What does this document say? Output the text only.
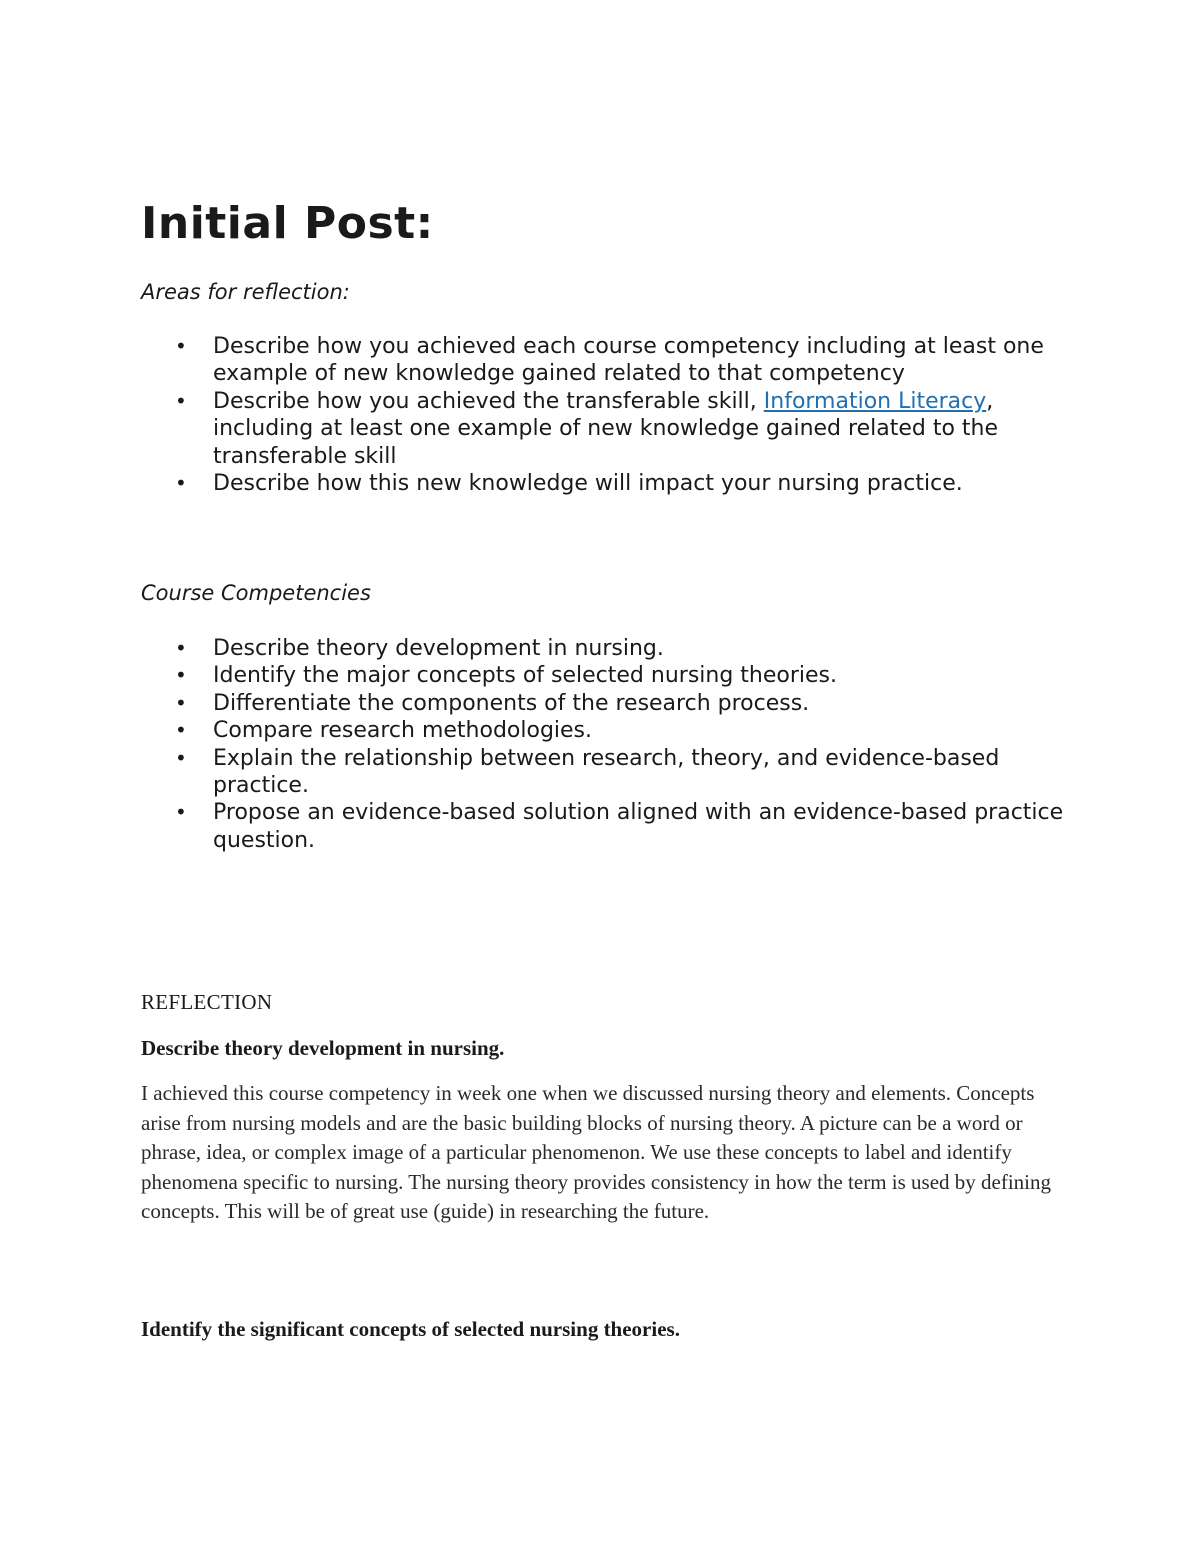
Initial Post:

Areas for reflection:

• Describe how you achieved each course competency including at least one example of new knowledge gained related to that competency
• Describe how you achieved the transferable skill, Information Literacy, including at least one example of new knowledge gained related to the transferable skill
• Describe how this new knowledge will impact your nursing practice.

Course Competencies

• Describe theory development in nursing.
• Identify the major concepts of selected nursing theories.
• Differentiate the components of the research process.
• Compare research methodologies.
• Explain the relationship between research, theory, and evidence-based practice.
• Propose an evidence-based solution aligned with an evidence-based practice question.

REFLECTION

Describe theory development in nursing.

I achieved this course competency in week one when we discussed nursing theory and elements. Concepts arise from nursing models and are the basic building blocks of nursing theory. A picture can be a word or phrase, idea, or complex image of a particular phenomenon. We use these concepts to label and identify phenomena specific to nursing. The nursing theory provides consistency in how the term is used by defining concepts. This will be of great use (guide) in researching the future.

Identify the significant concepts of selected nursing theories.
